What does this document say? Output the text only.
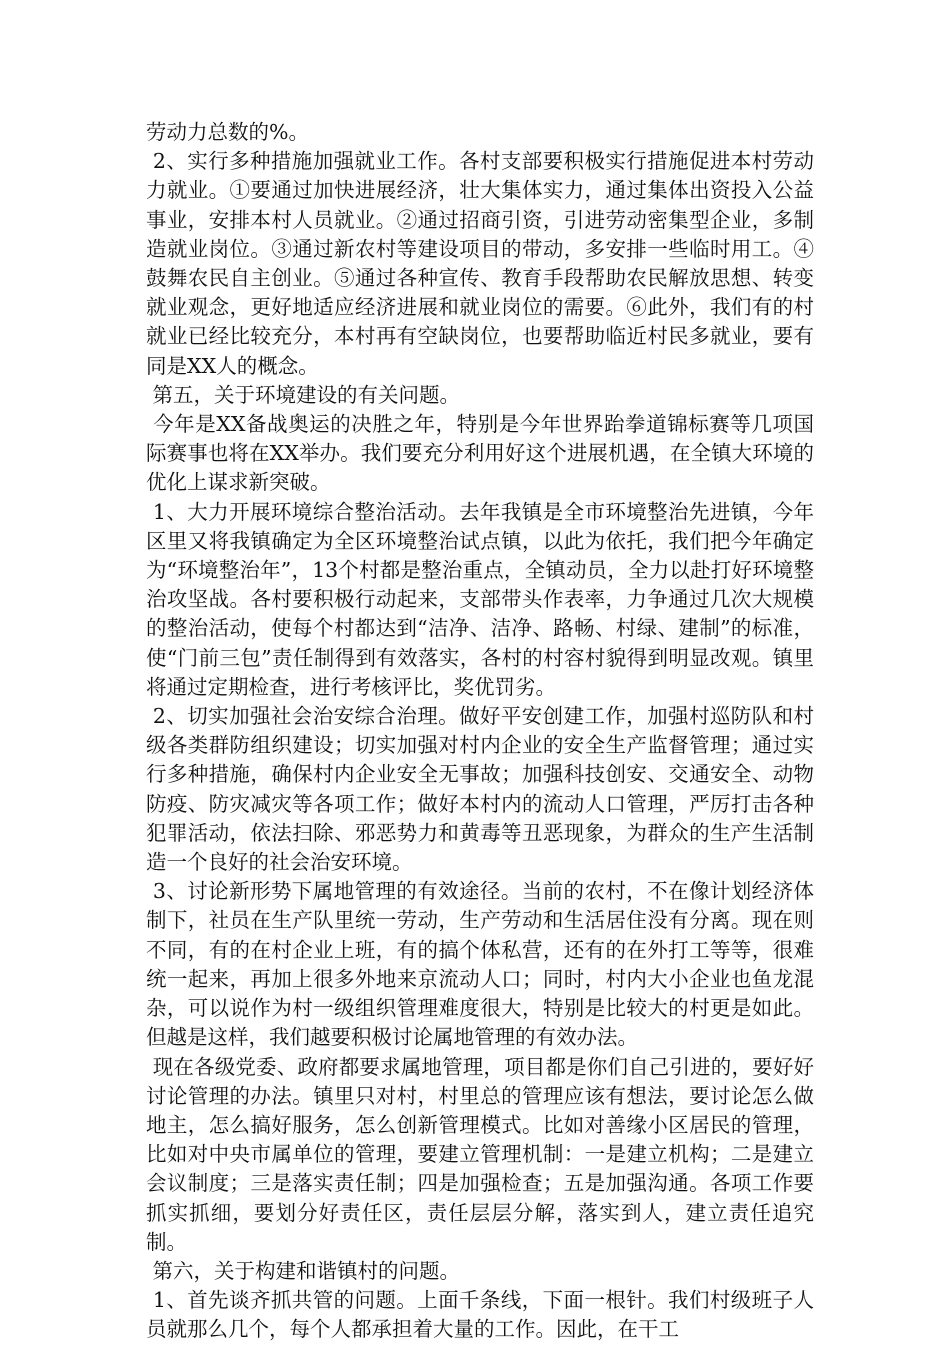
劳动力总数的%。

2、实行多种措施加强就业工作。各村支部要积极实行措施促进本村劳动力就业。①要通过加快进展经济，壮大集体实力，通过集体出资投入公益事业，安排本村人员就业。②通过招商引资，引进劳动密集型企业，多制造就业岗位。③通过新农村等建设项目的带动，多安排一些临时用工。④鼓舞农民自主创业。⑤通过各种宣传、教育手段帮助农民解放思想、转变就业观念，更好地适应经济进展和就业岗位的需要。⑥此外，我们有的村就业已经比较充分，本村再有空缺岗位，也要帮助临近村民多就业，要有同是XX人的概念。

第五，关于环境建设的有关问题。

今年是XX备战奥运的决胜之年，特别是今年世界跆拳道锦标赛等几项国际赛事也将在XX举办。我们要充分利用好这个进展机遇，在全镇大环境的优化上谋求新突破。

1、大力开展环境综合整治活动。去年我镇是全市环境整治先进镇，今年区里又将我镇确定为全区环境整治试点镇，以此为依托，我们把今年确定为“环境整治年”，13个村都是整治重点，全镇动员，全力以赴打好环境整治攻坚战。各村要积极行动起来，支部带头作表率，力争通过几次大规模的整治活动，使每个村都达到“洁净、洁净、路畅、村绿、建制”的标准，使“门前三包”责任制得到有效落实，各村的村容村貌得到明显改观。镇里将通过定期检查，进行考核评比，奖优罚劣。

2、切实加强社会治安综合治理。做好平安创建工作，加强村巡防队和村级各类群防组织建设；切实加强对村内企业的安全生产监督管理；通过实行多种措施，确保村内企业安全无事故；加强科技创安、交通安全、动物防疫、防灾减灾等各项工作；做好本村内的流动人口管理，严厉打击各种犯罪活动，依法扫除、邪恶势力和黄毒等丑恶现象，为群众的生产生活制造一个良好的社会治安环境。

3、讨论新形势下属地管理的有效途径。当前的农村，不在像计划经济体制下，社员在生产队里统一劳动，生产劳动和生活居住没有分离。现在则不同，有的在村企业上班，有的搞个体私营，还有的在外打工等等，很难统一起来，再加上很多外地来京流动人口；同时，村内大小企业也鱼龙混杂，可以说作为村一级组织管理难度很大，特别是比较大的村更是如此。但越是这样，我们越要积极讨论属地管理的有效办法。

现在各级党委、政府都要求属地管理，项目都是你们自己引进的，要好好讨论管理的办法。镇里只对村，村里总的管理应该有想法，要讨论怎么做地主，怎么搞好服务，怎么创新管理模式。比如对善缘小区居民的管理，比如对中央市属单位的管理，要建立管理机制：一是建立机构；二是建立会议制度；三是落实责任制；四是加强检查；五是加强沟通。各项工作要抓实抓细，要划分好责任区，责任层层分解，落实到人，建立责任追究制。

第六，关于构建和谐镇村的问题。

1、首先谈齐抓共管的问题。上面千条线，下面一根针。我们村级班子人员就那么几个，每个人都承担着大量的工作。因此，在干工
